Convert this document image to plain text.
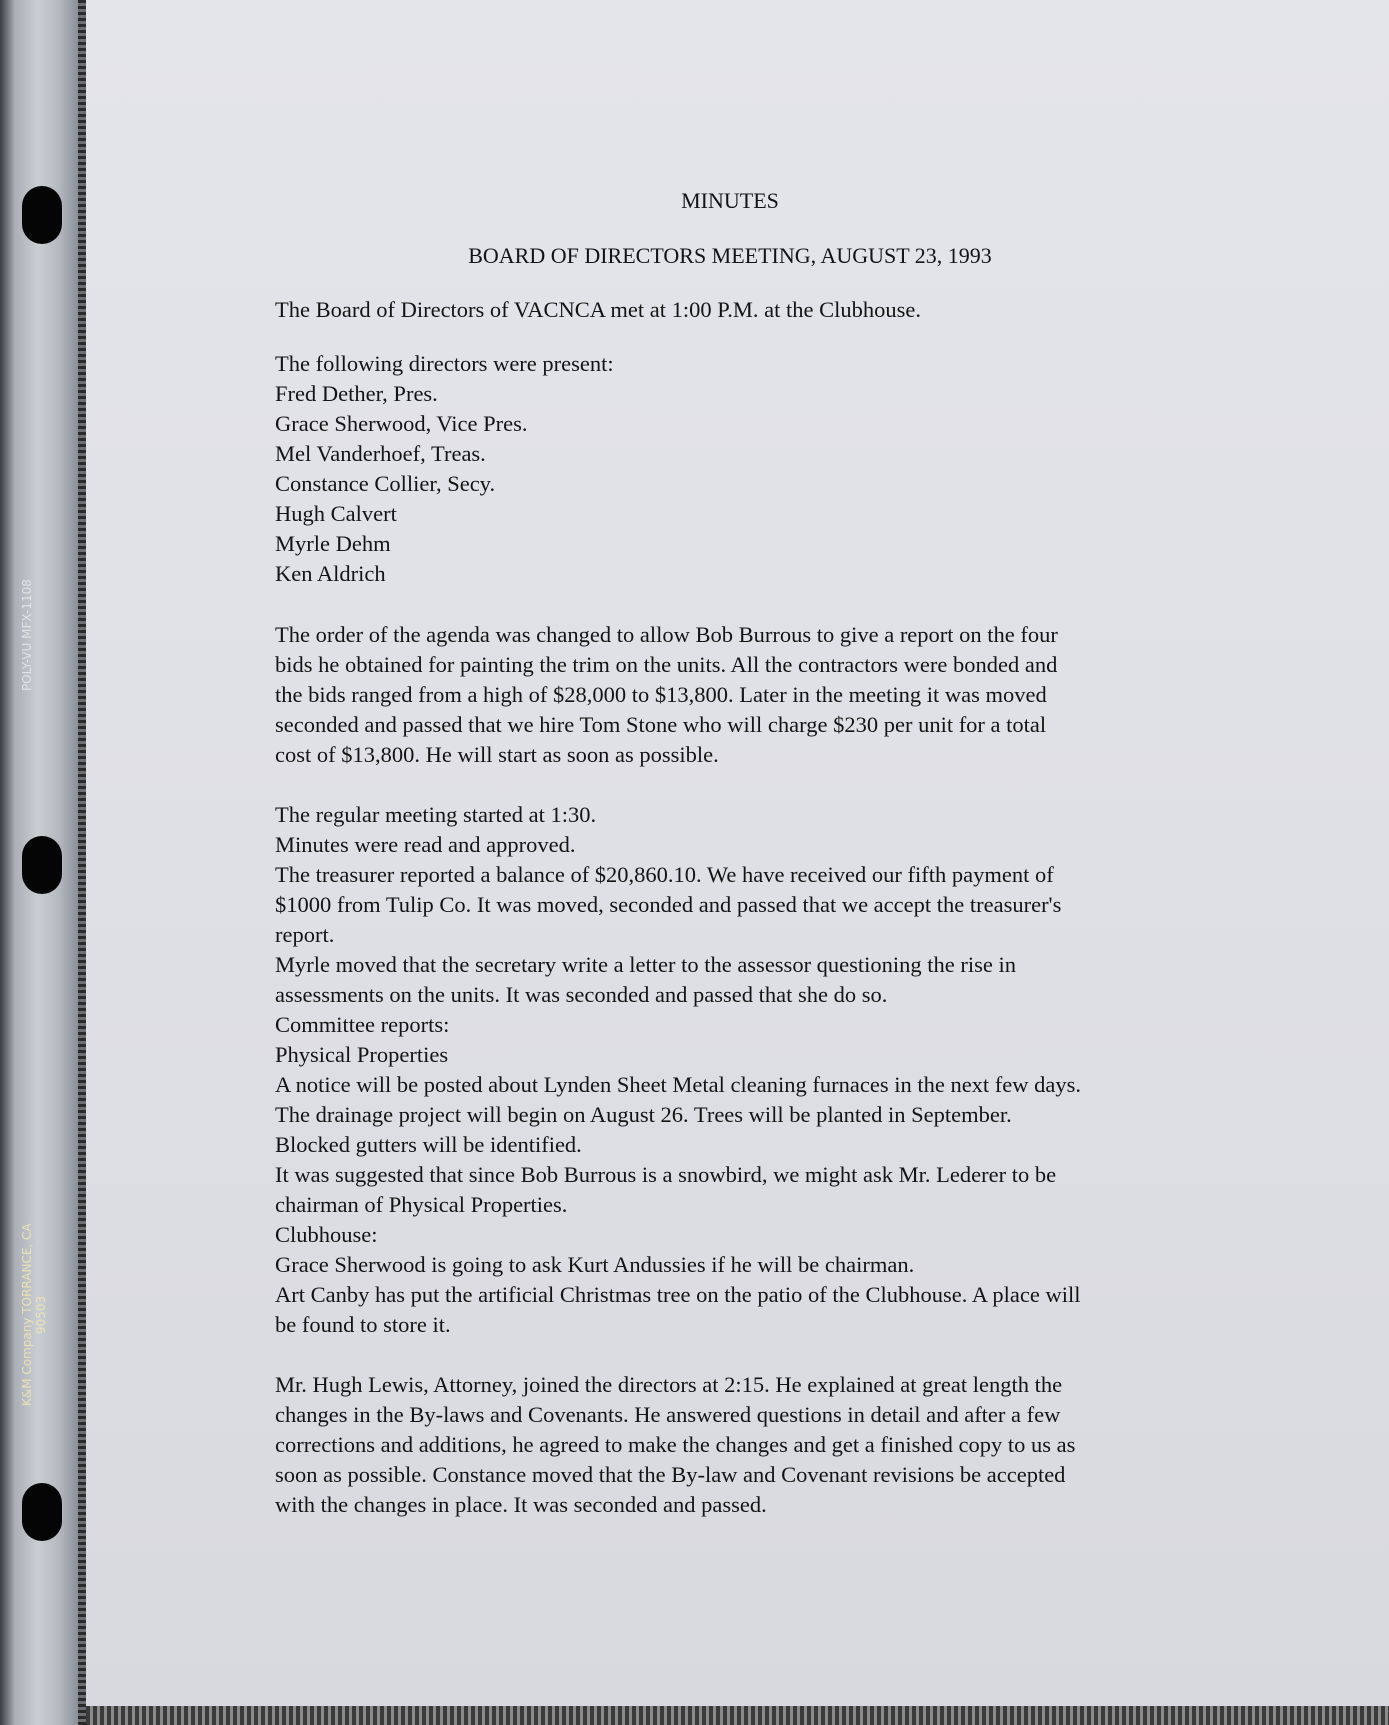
POLY-VU MFX-1108
K&M Company TORRANCE, CA 90503
MINUTES
BOARD OF DIRECTORS MEETING, AUGUST 23, 1993

The Board of Directors of VACNCA met at 1:00 P.M. at the Clubhouse.

The following directors were present:

Fred Dether, Pres.
Grace Sherwood, Vice Pres.
Mel Vanderhoef, Treas.
Constance Collier, Secy.
Hugh Calvert
Myrle Dehm
Ken Aldrich
The order of the agenda was changed to allow Bob Burrous to give a report on the four
bids he obtained for painting the trim on the units. All the contractors were bonded and
the bids ranged from a high of $28,000 to $13,800. Later in the meeting it was moved
seconded and passed that we hire Tom Stone who will charge $230 per unit for a total
cost of $13,800. He will start as soon as possible.
The regular meeting started at 1:30.
Minutes were read and approved.
The treasurer reported a balance of $20,860.10. We have received our fifth payment of
$1000 from Tulip Co. It was moved, seconded and passed that we accept the treasurer's
report.
Myrle moved that the secretary write a letter to the assessor questioning the rise in
assessments on the units. It was seconded and passed that she do so.
Committee reports:
Physical Properties
A notice will be posted about Lynden Sheet Metal cleaning furnaces in the next few days.
The drainage project will begin on August 26. Trees will be planted in September.
Blocked gutters will be identified.
It was suggested that since Bob Burrous is a snowbird, we might ask Mr. Lederer to be
chairman of Physical Properties.
Clubhouse:
Grace Sherwood is going to ask Kurt Andussies if he will be chairman.
Art Canby has put the artificial Christmas tree on the patio of the Clubhouse. A place will
be found to store it.
Mr. Hugh Lewis, Attorney, joined the directors at 2:15. He explained at great length the
changes in the By-laws and Covenants. He answered questions in detail and after a few
corrections and additions, he agreed to make the changes and get a finished copy to us as
soon as possible. Constance moved that the By-law and Covenant revisions be accepted
with the changes in place. It was seconded and passed.
